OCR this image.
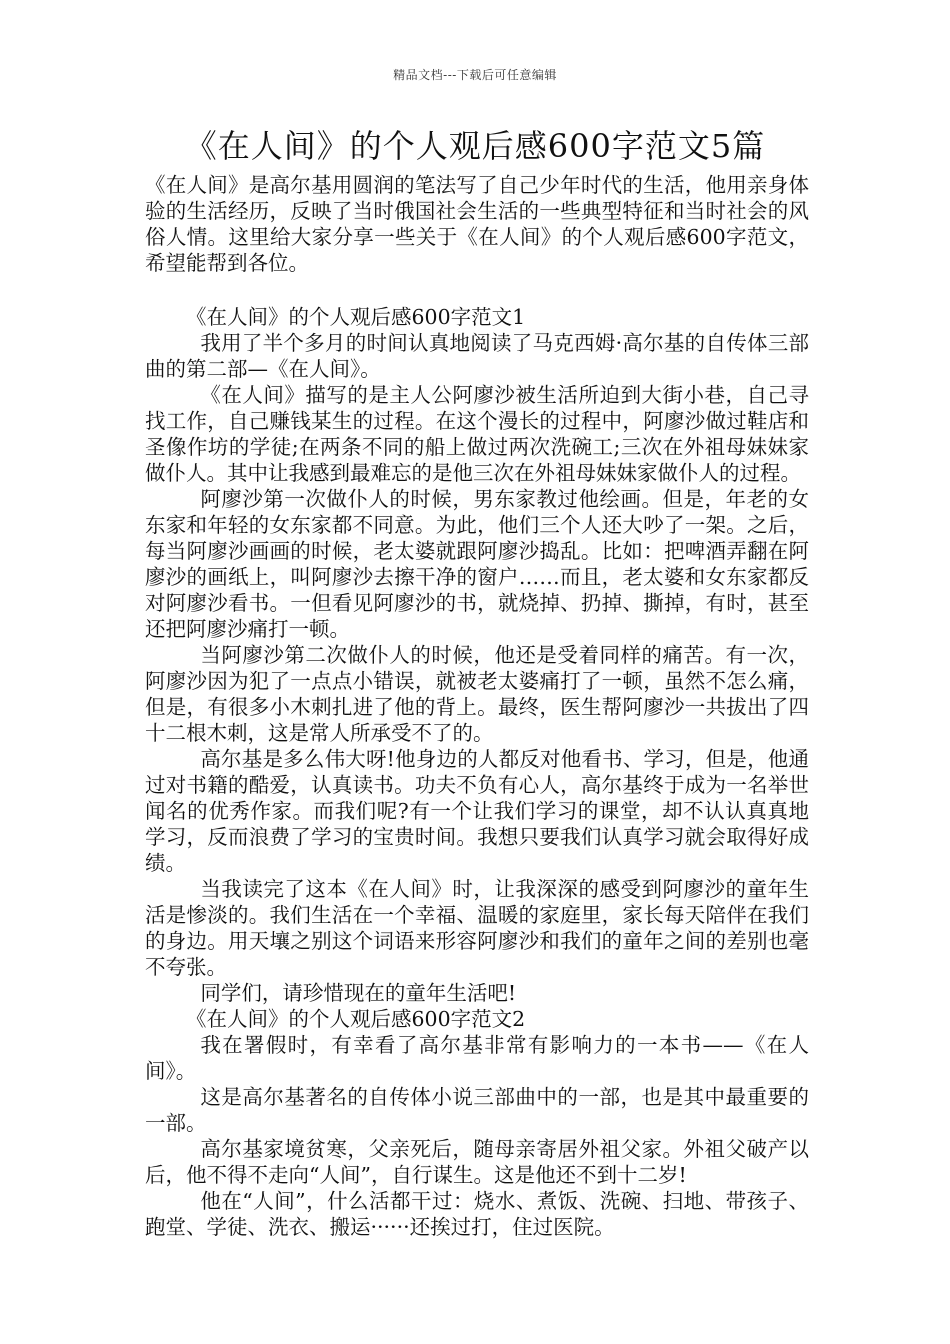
精品文档---下载后可任意编辑
《在人间》的个人观后感600字范文5篇

《在人间》是高尔基用圆润的笔法写了自己少年时代的生活，他用亲身体验的生活经历，反映了当时俄国社会生活的一些典型特征和当时社会的风俗人情。这里给大家分享一些关于《在人间》的个人观后感600字范文，希望能帮到各位。

《在人间》的个人观后感600字范文1

我用了半个多月的时间认真地阅读了马克西姆·高尔基的自传体三部曲的第二部—《在人间》。

《在人间》描写的是主人公阿廖沙被生活所迫到大街小巷，自己寻找工作，自己赚钱某生的过程。在这个漫长的过程中，阿廖沙做过鞋店和圣像作坊的学徒;在两条不同的船上做过两次洗碗工;三次在外祖母妹妹家做仆人。其中让我感到最难忘的是他三次在外祖母妹妹家做仆人的过程。

阿廖沙第一次做仆人的时候，男东家教过他绘画。但是，年老的女东家和年轻的女东家都不同意。为此，他们三个人还大吵了一架。之后，每当阿廖沙画画的时候，老太婆就跟阿廖沙捣乱。比如：把啤酒弄翻在阿廖沙的画纸上，叫阿廖沙去擦干净的窗户……而且，老太婆和女东家都反对阿廖沙看书。一但看见阿廖沙的书，就烧掉、扔掉、撕掉，有时，甚至还把阿廖沙痛打一顿。

当阿廖沙第二次做仆人的时候，他还是受着同样的痛苦。有一次，阿廖沙因为犯了一点点小错误，就被老太婆痛打了一顿，虽然不怎么痛，但是，有很多小木刺扎进了他的背上。最终，医生帮阿廖沙一共拔出了四十二根木刺，这是常人所承受不了的。

高尔基是多么伟大呀!他身边的人都反对他看书、学习，但是，他通过对书籍的酷爱，认真读书。功夫不负有心人，高尔基终于成为一名举世闻名的优秀作家。而我们呢?有一个让我们学习的课堂，却不认认真真地学习，反而浪费了学习的宝贵时间。我想只要我们认真学习就会取得好成绩。

当我读完了这本《在人间》时，让我深深的感受到阿廖沙的童年生活是惨淡的。我们生活在一个幸福、温暖的家庭里，家长每天陪伴在我们的身边。用天壤之别这个词语来形容阿廖沙和我们的童年之间的差别也毫不夸张。

同学们，请珍惜现在的童年生活吧!

《在人间》的个人观后感600字范文2

我在署假时，有幸看了高尔基非常有影响力的一本书——《在人间》。

这是高尔基著名的自传体小说三部曲中的一部，也是其中最重要的一部。

高尔基家境贫寒，父亲死后，随母亲寄居外祖父家。外祖父破产以后，他不得不走向“人间”，自行谋生。这是他还不到十二岁!

他在“人间”，什么活都干过：烧水、煮饭、洗碗、扫地、带孩子、跑堂、学徒、洗衣、搬运······还挨过打，住过医院。
